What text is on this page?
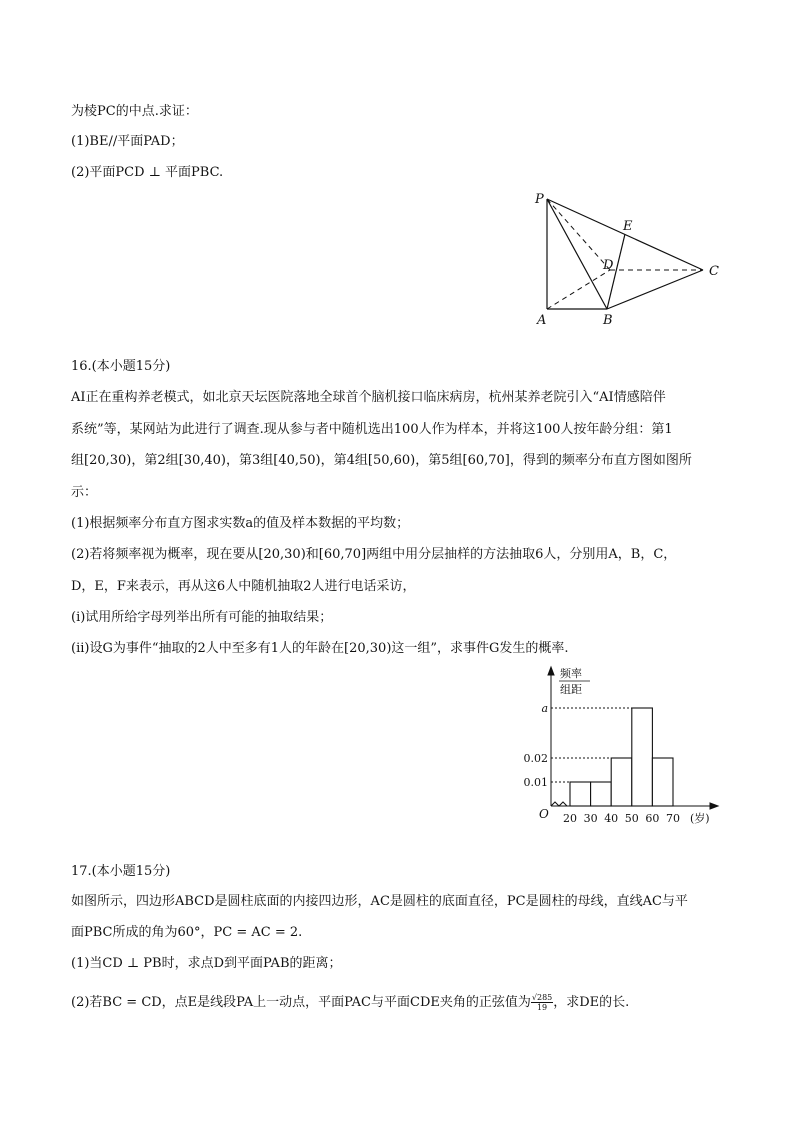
为棱PC的中点.求证：
(1)BE//平面PAD；
(2)平面PCD ⊥ 平面PBC.
P
E
D	C
A	B
16.(本小题15分)
AI正在重构养老模式，如北京天坛医院落地全球首个脑机接口临床病房，杭州某养老院引入“AI情感陪伴
系统”等，某网站为此进行了调查.现从参与者中随机选出100人作为样本，并将这100人按年龄分组：第1
组[20,30)，第2组[30,40)，第3组[40,50)，第4组[50,60)，第5组[60,70]，得到的频率分布直方图如图所
示：
(1)根据频率分布直方图求实数a的值及样本数据的平均数；
(2)若将频率视为概率，现在要从[20,30)和[60,70]两组中用分层抽样的方法抽取6人，分别用A，B，C，
D，E，F来表示，再从这6人中随机抽取2人进行电话采访，
(i)试用所给字母列举出所有可能的抽取结果；
(ii)设G为事件“抽取的2人中至多有1人的年龄在[20,30)这一组”，求事件G发生的概率.
频率
组距
O	(岁)
0.01
0.02
a
20 30 40 50 60 70
17.(本小题15分)
如图所示，四边形ABCD是圆柱底面的内接四边形，AC是圆柱的底面直径，PC是圆柱的母线，直线AC与平
面PBC所成的角为60°，PC = AC = 2.
(1)当CD ⊥ PB时，求点D到平面PAB的距离；
(2)若BC = CD，点E是线段PA上一动点，平面PAC与平面CDE夹角的正弦值为 $\frac{√285}{19}$ ，求DE的长.
